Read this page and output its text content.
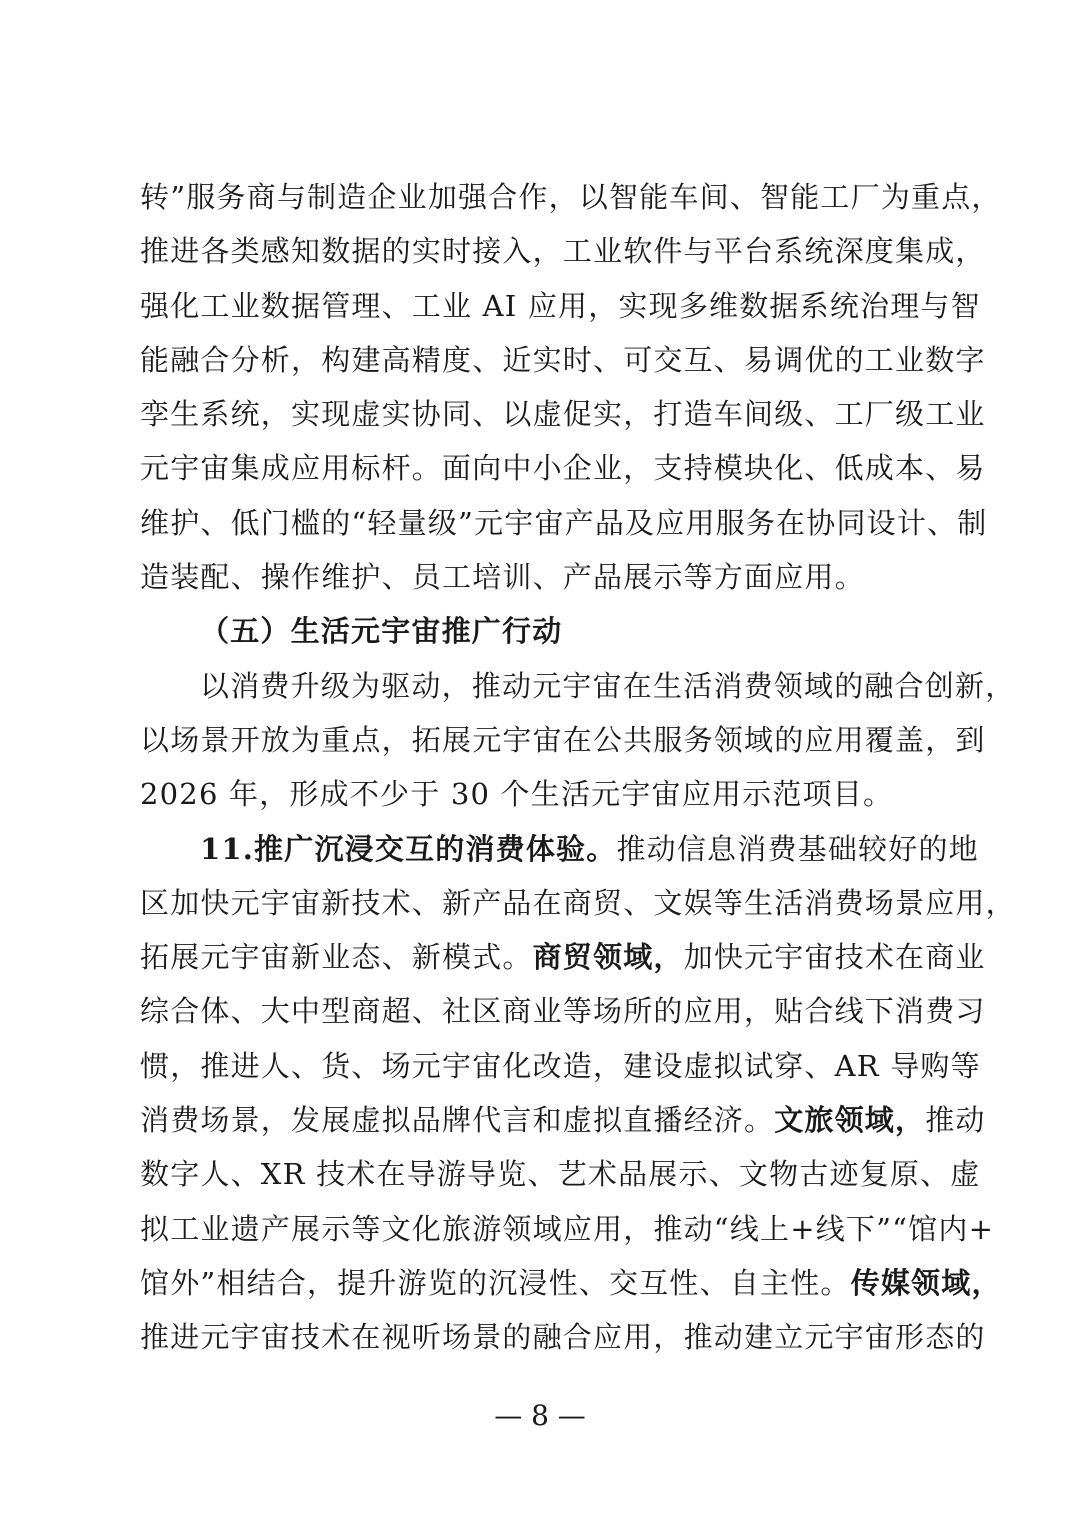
转”服务商与制造企业加强合作，以智能车间、智能工厂为重点，
推进各类感知数据的实时接入，工业软件与平台系统深度集成，
强化工业数据管理、工业 AI 应用，实现多维数据系统治理与智
能融合分析，构建高精度、近实时、可交互、易调优的工业数字
孪生系统，实现虚实协同、以虚促实，打造车间级、工厂级工业
元宇宙集成应用标杆。面向中小企业，支持模块化、低成本、易
维护、低门槛的“轻量级”元宇宙产品及应用服务在协同设计、制
造装配、操作维护、员工培训、产品展示等方面应用。
（五）生活元宇宙推广行动
以消费升级为驱动，推动元宇宙在生活消费领域的融合创新，
以场景开放为重点，拓展元宇宙在公共服务领域的应用覆盖，到
2026 年，形成不少于 30 个生活元宇宙应用示范项目。
11.推广沉浸交互的消费体验。推动信息消费基础较好的地
区加快元宇宙新技术、新产品在商贸、文娱等生活消费场景应用，
拓展元宇宙新业态、新模式。商贸领域，加快元宇宙技术在商业
综合体、大中型商超、社区商业等场所的应用，贴合线下消费习
惯，推进人、货、场元宇宙化改造，建设虚拟试穿、AR 导购等
消费场景，发展虚拟品牌代言和虚拟直播经济。文旅领域，推动
数字人、XR 技术在导游导览、艺术品展示、文物古迹复原、虚
拟工业遗产展示等文化旅游领域应用，推动“线上+线下”“馆内+
馆外”相结合，提升游览的沉浸性、交互性、自主性。传媒领域，
推进元宇宙技术在视听场景的融合应用，推动建立元宇宙形态的
— 8 —
